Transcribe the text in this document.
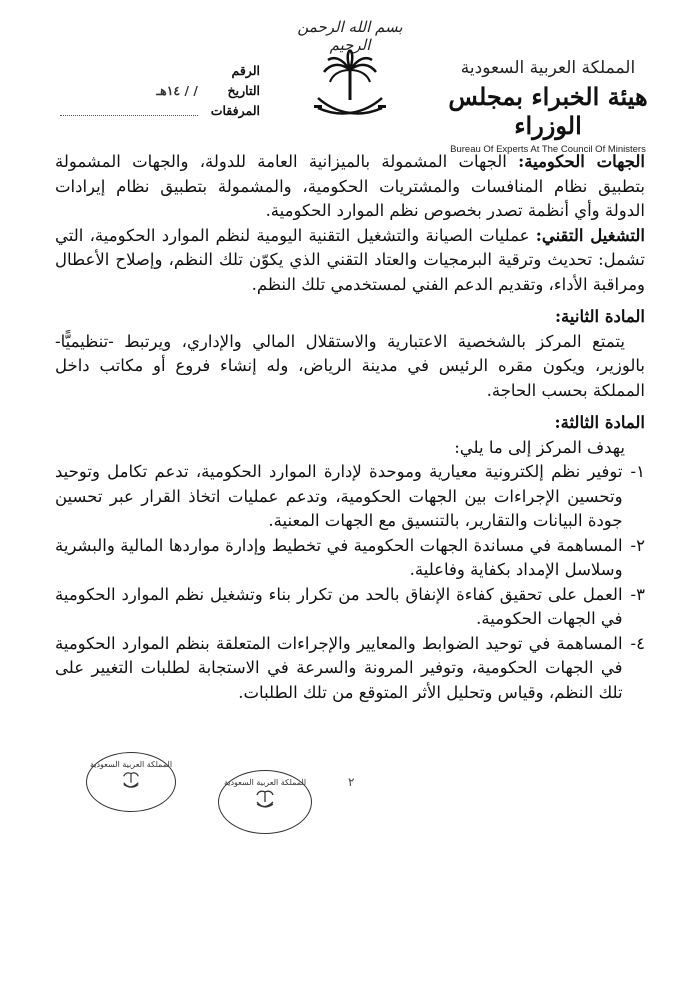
بسم الله الرحمن الرحيم
المملكة العربية السعودية
هيئة الخبراء بمجلس الوزراء
Bureau Of Experts At The Council Of Ministers
الرقم
التاريخ
/ / ١٤هـ
المرفقات

الجهات الحكومية: الجهات المشمولة بالميزانية العامة للدولة، والجهات المشمولة بتطبيق نظام المنافسات والمشتريات الحكومية، والمشمولة بتطبيق نظام إيرادات الدولة وأي أنظمة تصدر بخصوص نظم الموارد الحكومية.

التشغيل التقني: عمليات الصيانة والتشغيل التقنية اليومية لنظم الموارد الحكومية، التي تشمل: تحديث وترقية البرمجيات والعتاد التقني الذي يكوّن تلك النظم، وإصلاح الأعطال ومراقبة الأداء، وتقديم الدعم الفني لمستخدمي تلك النظم.

المادة الثانية:

يتمتع المركز بالشخصية الاعتبارية والاستقلال المالي والإداري، ويرتبط -تنظيميًّا- بالوزير، ويكون مقره الرئيس في مدينة الرياض، وله إنشاء فروع أو مكاتب داخل المملكة بحسب الحاجة.

المادة الثالثة:

يهدف المركز إلى ما يلي:

١-
توفير نظم إلكترونية معيارية وموحدة لإدارة الموارد الحكومية، تدعم تكامل وتوحيد وتحسين الإجراءات بين الجهات الحكومية، وتدعم عمليات اتخاذ القرار عبر تحسين جودة البيانات والتقارير، بالتنسيق مع الجهات المعنية.
٢-
المساهمة في مساندة الجهات الحكومية في تخطيط وإدارة مواردها المالية والبشرية وسلاسل الإمداد بكفاية وفاعلية.
٣-
العمل على تحقيق كفاءة الإنفاق بالحد من تكرار بناء وتشغيل نظم الموارد الحكومية في الجهات الحكومية.
٤-
المساهمة في توحيد الضوابط والمعايير والإجراءات المتعلقة بنظم الموارد الحكومية في الجهات الحكومية، وتوفير المرونة والسرعة في الاستجابة لطلبات التغيير على تلك النظم، وقياس وتحليل الأثر المتوقع من تلك الطلبات.
٢
المملكة العربية السعودية
المملكة العربية السعودية
